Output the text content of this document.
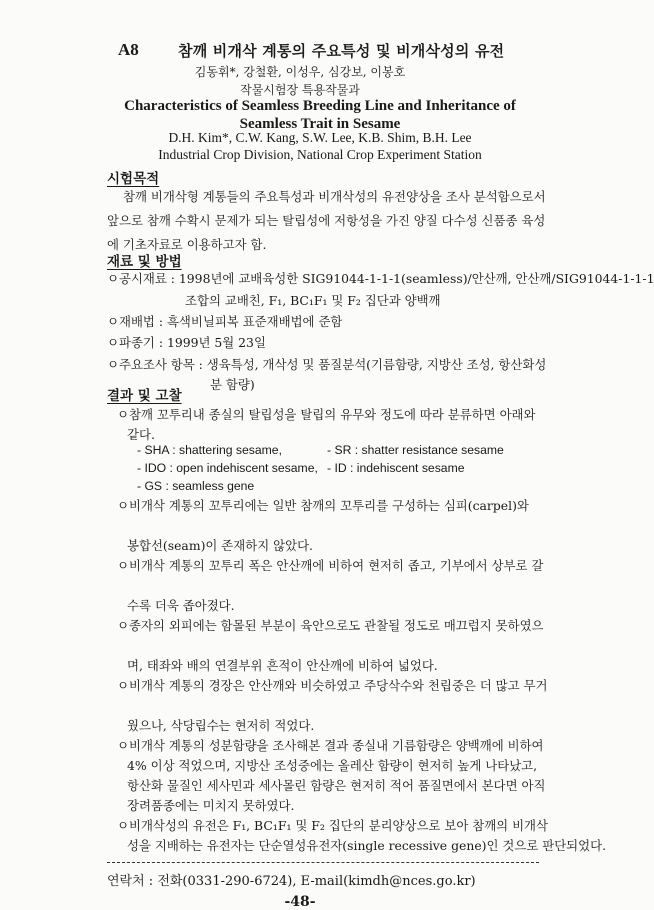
A8	참깨 비개삭 계통의 주요특성 및 비개삭성의 유전
김동휘*, 강철환, 이성우, 심강보, 이봉호
작물시험장 특용작물과
Characteristics of Seamless Breeding Line and Inheritance of
Seamless Trait in Sesame
D.H. Kim*, C.W. Kang, S.W. Lee, K.B. Shim, B.H. Lee
Industrial Crop Division, National Crop Experiment Station
시험목적
참깨 비개삭형 계통들의 주요특성과 비개삭성의 유전양상을 조사 분석함으로서
앞으로 참깨 수확시 문제가 되는 탈립성에 저항성을 가진 양질 다수성 신품종 육성
에 기초자료로 이용하고자 함.
재료 및 방법
ㅇ공시재료 : 1998년에 교배육성한 SIG91044-1-1-1(seamless)/안산깨, 안산깨/SIG91044-1-1-1
조합의 교배친, F₁, BC₁F₁ 및 F₂ 집단과 양백깨
ㅇ재배법 : 흑색비닐피복 표준재배법에 준함
ㅇ파종기 : 1999년 5월 23일
ㅇ주요조사 항목 : 생육특성, 개삭성 및 품질분석(기름함량, 지방산 조성, 항산화성
분 함량)
결과 및 고찰
ㅇ참깨 꼬투리내 종실의 탈립성을 탈립의 유무와 정도에 따라 분류하면 아래와
같다.
- SHA : shattering sesame,
- IDO : open indehiscent sesame,
- GS : seamless gene
- SR : shatter resistance sesame
- ID : indehiscent sesame
ㅇ비개삭 계통의 꼬투리에는 일반 참깨의 꼬투리를 구성하는 심피(carpel)와
봉합선(seam)이 존재하지 않았다.
ㅇ비개삭 계통의 꼬투리 폭은 안산깨에 비하여 현저히 좁고, 기부에서 상부로 갈
수록 더욱 좁아졌다.
ㅇ종자의 외피에는 함몰된 부분이 육안으로도 관찰될 정도로 매끄럽지 못하였으
며, 태좌와 배의 연결부위 흔적이 안산깨에 비하여 넓었다.
ㅇ비개삭 계통의 경장은 안산깨와 비슷하였고 주당삭수와 천립중은 더 많고 무거
웠으나, 삭당립수는 현저히 적었다.
연락처 : 전화(0331-290-6724), E-mail(kimdh@nces.go.kr)
-48-
ㅇ비개삭 계통의 성분함량을 조사해본 결과 종실내 기름함량은 양백깨에 비하여
4% 이상 적었으며, 지방산 조성중에는 올레산 함량이 현저히 높게 나타났고,
항산화 물질인 세사민과 세사몰린 함량은 현저히 적어 품질면에서 본다면 아직
장려품종에는 미치지 못하였다.
ㅇ비개삭성의 유전은 F₁, BC₁F₁ 및 F₂ 집단의 분리양상으로 보아 참깨의 비개삭
성을 지배하는 유전자는 단순열성유전자(single recessive gene)인 것으로 판단되었다.
